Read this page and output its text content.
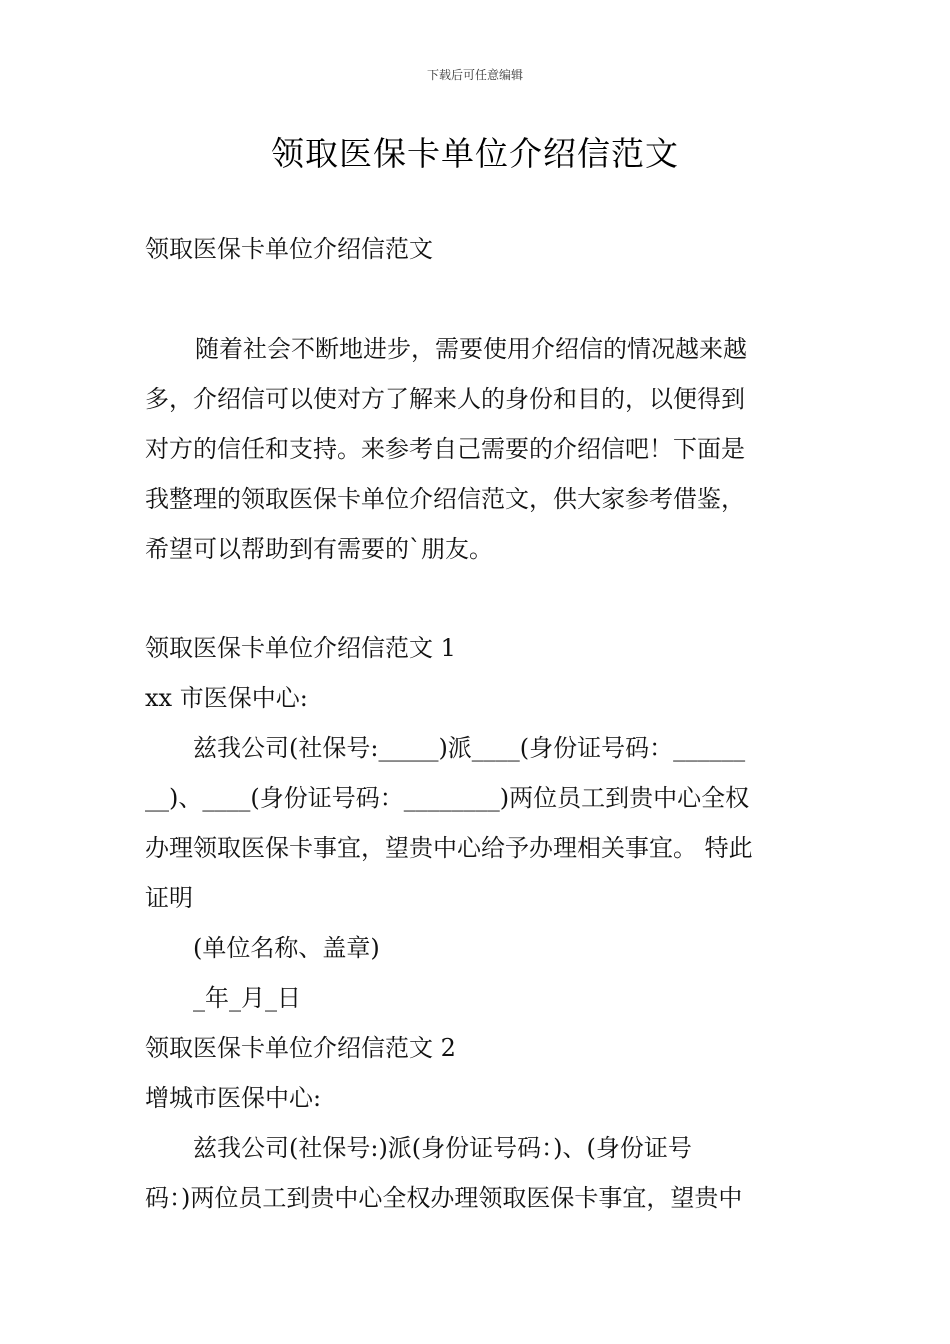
下载后可任意编辑
领取医保卡单位介绍信范文
领取医保卡单位介绍信范文
随着社会不断地进步，需要使用介绍信的情况越来越
多，介绍信可以使对方了解来人的身份和目的，以便得到
对方的信任和支持。来参考自己需要的介绍信吧！下面是
我整理的领取医保卡单位介绍信范文，供大家参考借鉴，
希望可以帮助到有需要的`朋友。
领取医保卡单位介绍信范文 1
xx 市医保中心:
兹我公司(社保号:_____)派____(身份证号码：______
__)、____(身份证号码：________)两位员工到贵中心全权
办理领取医保卡事宜，望贵中心给予办理相关事宜。 特此
证明
(单位名称、盖章)
_年_月_日
领取医保卡单位介绍信范文 2
增城市医保中心:
兹我公司(社保号:)派(身份证号码：)、(身份证号
码：)两位员工到贵中心全权办理领取医保卡事宜，望贵中
